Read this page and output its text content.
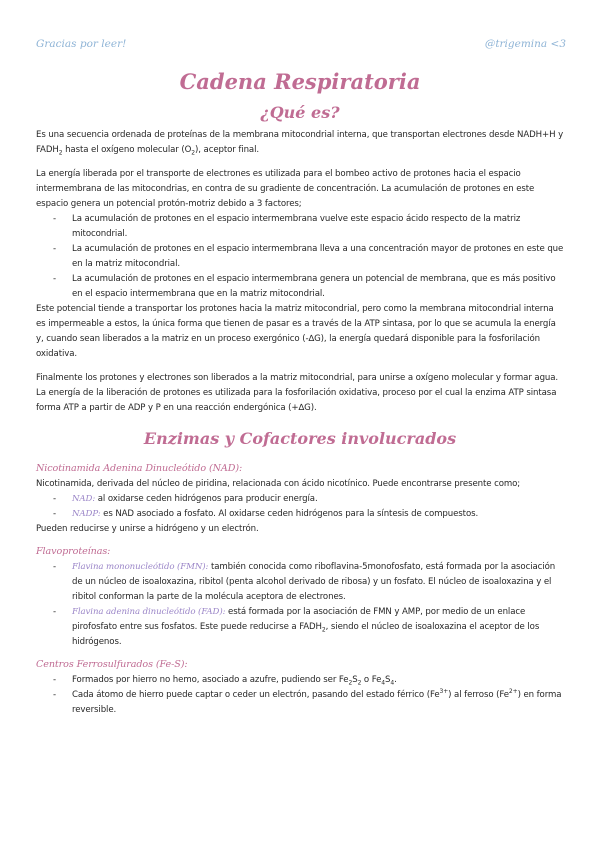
Gracias por leer!	@trigemina <3
Cadena Respiratoria
¿Qué es?

Es una secuencia ordenada de proteínas de la membrana mitocondrial interna, que transportan electrones desde NADH+H y $FADH_2$ hasta el oxígeno molecular $(O_2)$, aceptor final.

La energía liberada por el transporte de electrones es utilizada para el bombeo activo de protones hacia el espacio intermembrana de las mitocondrias, en contra de su gradiente de concentración. La acumulación de protones en este espacio genera un potencial protón-motriz debido a 3 factores;

- La acumulación de protones en el espacio intermembrana vuelve este espacio ácido respecto de la matriz mitocondrial.
- La acumulación de protones en el espacio intermembrana lleva a una concentración mayor de protones en este que en la matriz mitocondrial.
- La acumulación de protones en el espacio intermembrana genera un potencial de membrana, que es más positivo en el espacio intermembrana que en la matriz mitocondrial.

Este potencial tiende a transportar los protones hacia la matriz mitocondrial, pero como la membrana mitocondrial interna es impermeable a estos, la única forma que tienen de pasar es a través de la ATP sintasa, por lo que se acumula la energía y, cuando sean liberados a la matriz en un proceso exergónico (-∆G), la energía quedará disponible para la fosforilación oxidativa.

Finalmente los protones y electrones son liberados a la matriz mitocondrial, para unirse a oxígeno molecular y formar agua. La energía de la liberación de protones es utilizada para la fosforilación oxidativa, proceso por el cual la enzima ATP sintasa forma ATP a partir de ADP y P en una reacción endergónica (+∆G).

Enzimas y Cofactores involucrados

Nicotinamida Adenina Dinucleótido (NAD):

Nicotinamida, derivada del núcleo de piridina, relacionada con ácido nicotínico. Puede encontrarse presente como;

- NAD: al oxidarse ceden hidrógenos para producir energía.
- NADP: es NAD asociado a fosfato. Al oxidarse ceden hidrógenos para la síntesis de compuestos.

Pueden reducirse y unirse a hidrógeno y un electrón.

Flavoproteínas:

- Flavina mononucleótido (FMN): también conocida como riboflavina-5monofosfato, está formada por la asociación de un núcleo de isoaloxazina, ribitol (penta alcohol derivado de ribosa) y un fosfato. El núcleo de isoaloxazina y el ribitol conforman la parte de la molécula aceptora de electrones.
- Flavina adenina dinucleótido (FAD): está formada por la asociación de FMN y AMP, por medio de un enlace pirofosfato entre sus fosfatos. Este puede reducirse a $FADH_2$, siendo el núcleo de isoaloxazina el aceptor de los hidrógenos.

Centros Ferrosulfurados (Fe-S):

- Formados por hierro no hemo, asociado a azufre, pudiendo ser $Fe_2S_2$ o $Fe_4S_4$.
- Cada átomo de hierro puede captar o ceder un electrón, pasando del estado férrico $(Fe^{3+})$ al ferroso $(Fe^{2+})$ en forma reversible.
